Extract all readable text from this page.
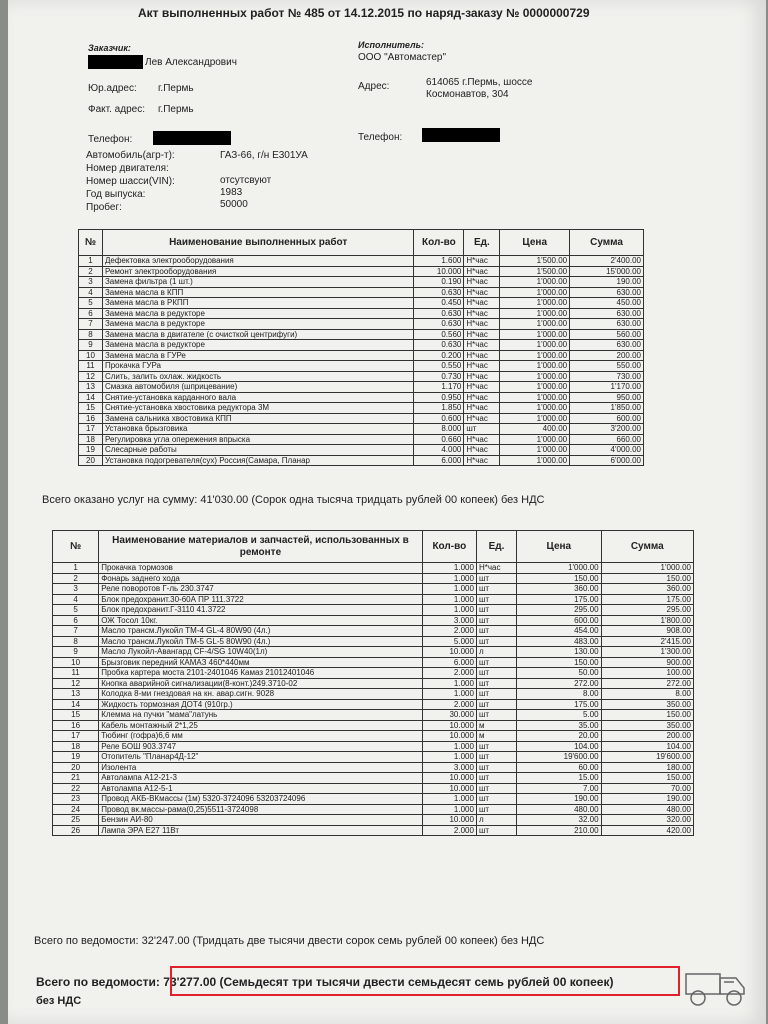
Акт выполненных работ № 485 от 14.12.2015 по наряд-заказу № 0000000729
Заказчик:
Лев Александрович
Юр.адрес: г.Пермь
Факт. адрес: г.Пермь
Исполнитель:
ООО "Автомастер"
Адрес:	614065 г.Пермь, шоссе
Космонавтов, 304
Телефон:	Телефон:
Автомобиль(агр-т):	ГАЗ-66, г/н Е301УА
Номер двигателя:
Номер шасси(VIN):	отсутсвуют
Год выпуска:	1983
Пробег:	50000
№	Наименование выполненных работ	Кол-во	Ед.	Цена	Сумма
1	Дефектовка электрооборудования	1.600	Н*час	1'500.00	2'400.00
2	Ремонт электрооборудования	10.000	Н*час	1'500.00	15'000.00
3	Замена фильтра (1 шт.)	0.190	Н*час	1'000.00	190.00
4	Замена масла в КПП	0.630	Н*час	1'000.00	630.00
5	Замена масла в РКПП	0.450	Н*час	1'000.00	450.00
6	Замена масла в редукторе	0.630	Н*час	1'000.00	630.00
7	Замена масла в редукторе	0.630	Н*час	1'000.00	630.00
8	Замена масла в двигателе (с очисткой центрифуги)	0.560	Н*час	1'000.00	560.00
9	Замена масла в редукторе	0.630	Н*час	1'000.00	630.00
10	Замена масла в ГУРе	0.200	Н*час	1'000.00	200.00
11	Прокачка ГУРа	0.550	Н*час	1'000.00	550.00
12	Слить, залить охлаж. жидкость	0.730	Н*час	1'000.00	730.00
13	Смазка автомобиля (шприцевание)	1.170	Н*час	1'000.00	1'170.00
14	Снятие-установка карданного вала	0.950	Н*час	1'000.00	950.00
15	Снятие-установка хвостовика редуктора 3М	1.850	Н*час	1'000.00	1'850.00
16	Замена сальника хвостовика КПП	0.600	Н*час	1'000.00	600.00
17	Установка брызговика	8.000	шт	400.00	3'200.00
18	Регулировка угла опережения впрыска	0.660	Н*час	1'000.00	660.00
19	Слесарные работы	4.000	Н*час	1'000.00	4'000.00
20	Установка подогревателя(сух) Россия(Самара, Планар	6.000	Н*час	1'000.00	6'000.00
Всего оказано услуг на сумму: 41'030.00 (Сорок одна тысяча тридцать рублей 00 копеек) без НДС
№	Наименование материалов и запчастей, использованных в ремонте	Кол-во	Ед.	Цена	Сумма
1	Прокачка тормозов	1.000	Н*час	1'000.00	1'000.00
2	Фонарь заднего хода	1.000	шт	150.00	150.00
3	Реле поворотов Г-ль 230.3747	1.000	шт	360.00	360.00
4	Блок предохранит.30-60А ПР 111.3722	1.000	шт	175.00	175.00
5	Блок предохранит.Г-3110 41.3722	1.000	шт	295.00	295.00
6	ОЖ Тосол 10кг.	3.000	шт	600.00	1'800.00
7	Масло трансм.Лукойл ТМ-4 GL-4 80W90 (4л.)	2.000	шт	454.00	908.00
8	Масло трансм.Лукойл ТМ-5 GL-5 80W90 (4л.)	5.000	шт	483.00	2'415.00
9	Масло Лукойл-Авангард CF-4/SG 10W40(1л)	10.000	л	130.00	1'300.00
10	Брызговик передний КАМАЗ 460*440мм	6.000	шт	150.00	900.00
11	Пробка картера моста 2101-2401046 Камаз 21012401046	2.000	шт	50.00	100.00
12	Кнопка аварийной сигнализации(8-конт.)249.3710-02	1.000	шт	272.00	272.00
13	Колодка 8-ми гнездовая на кн. авар.сигн. 9028	1.000	шт	8.00	8.00
14	Жидкость тормозная ДОТ4 (910гр.)	2.000	шт	175.00	350.00
15	Клемма на пучки "мама"латунь	30.000	шт	5.00	150.00
16	Кабель монтажный 2*1,25	10.000	м	35.00	350.00
17	Тюбинг (гофра)6,6 мм	10.000	м	20.00	200.00
18	Реле БОШ 903.3747	1.000	шт	104.00	104.00
19	Отопитель "Планар4Д-12"	1.000	шт	19'600.00	19'600.00
20	Изолента	3.000	шт	60.00	180.00
21	Автолампа А12-21-3	10.000	шт	15.00	150.00
22	Автолампа А12-5-1	10.000	шт	7.00	70.00
23	Провод АКБ-ВКмассы (1м) 5320-3724096 53203724096	1.000	шт	190.00	190.00
24	Провод вк.массы-рама(0,25)5511-3724098	1.000	шт	480.00	480.00
25	Бензин АИ-80	10.000	л	32.00	320.00
26	Лампа ЭРА Е27 11Вт	2.000	шт	210.00	420.00
Всего по ведомости: 32'247.00 (Тридцать две тысячи двести сорок семь рублей 00 копеек) без НДС
Всего по ведомости: 73'277.00 (Семьдесят три тысячи двести семьдесят семь рублей 00 копеек)
без НДС
